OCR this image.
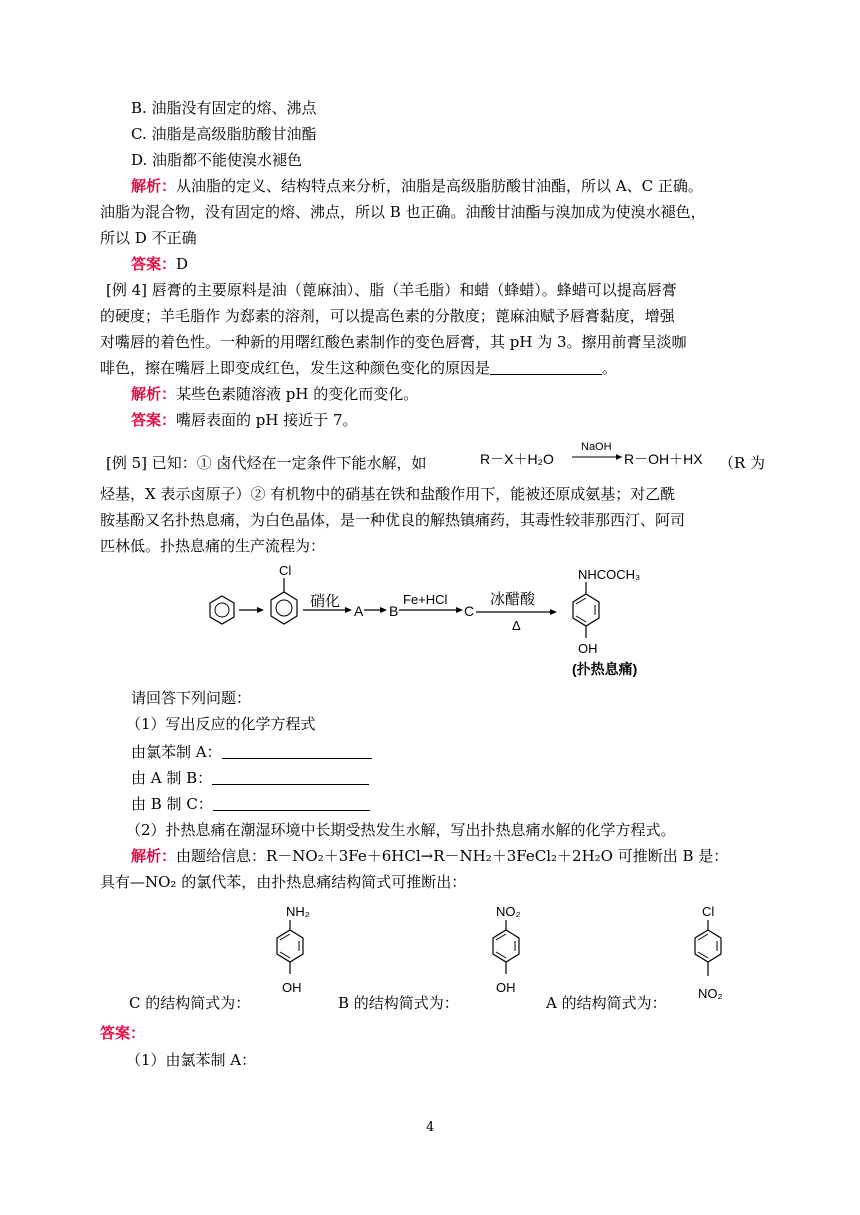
B. 油脂没有固定的熔、沸点
C. 油脂是高级脂肪酸甘油酯
D. 油脂都不能使溴水褪色
解析：从油脂的定义、结构特点来分析，油脂是高级脂肪酸甘油酯，所以 A、C 正确。
油脂为混合物，没有固定的熔、沸点，所以 B 也正确。油酸甘油酯与溴加成为使溴水褪色，
所以 D 不正确
答案：D
[例 4] 唇膏的主要原料是油（蓖麻油）、脂（羊毛脂）和蜡（蜂蜡）。蜂蜡可以提高唇膏
的硬度；羊毛脂作 为郄素的溶剂，可以提高色素的分散度；蓖麻油赋予唇膏黏度，增强
对嘴唇的着色性。一种新的用曙红酸色素制作的变色唇膏，其 pH 为 3。擦用前膏呈淡咖
啡色，擦在嘴唇上即变成红色，发生这种颜色变化的原因是	。
解析：某些色素随溶液 pH 的变化而变化。
答案：嘴唇表面的 pH 接近于 7。
[例 5] 已知：① 卤代烃在一定条件下能水解，如	R－X＋H₂O
NaOH
R－OH＋HX （R 为
烃基，X 表示卤原子）② 有机物中的硝基在铁和盐酸作用下，能被还原成氨基；对乙酰
胺基酚又名扑热息痛，为白色晶体，是一种优良的解热镇痛药，其毒性较菲那西汀、阿司
匹林低。扑热息痛的生产流程为：
Cl
硝化
A B
Fe+HCl
C
冰醋酸
Δ
NHCOCH₃
OH
(扑热息痛)
请回答下列问题：
（1）写出反应的化学方程式
由氯苯制 A：
由 A 制 B：
由 B 制 C：
（2）扑热息痛在潮湿环境中长期受热发生水解，写出扑热息痛水解的化学方程式。
解析：由题给信息：R－NO₂＋3Fe＋6HCl→R－NH₂＋3FeCl₂＋2H₂O 可推断出 B 是：
具有—NO₂ 的氯代苯，由扑热息痛结构简式可推断出：
C 的结构简式为：
NH₂
OH
B 的结构简式为：
NO₂
OH
A 的结构简式为：
Cl
NO₂
答案：
（1）由氯苯制 A：
4
